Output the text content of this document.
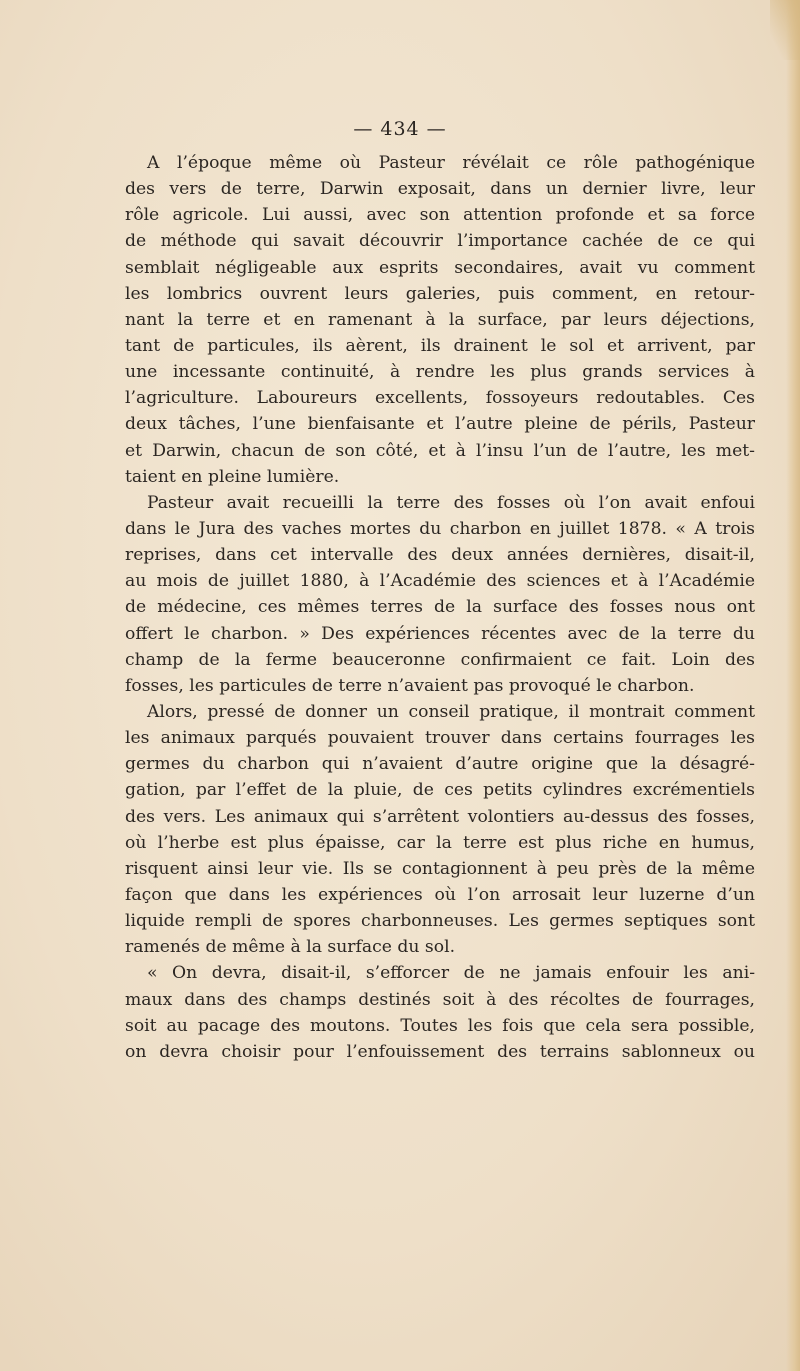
— 434 —
A l’époque même où Pasteur révélait ce rôle pathogénique
des vers de terre, Darwin exposait, dans un dernier livre, leur
rôle agricole. Lui aussi, avec son attention profonde et sa force
de méthode qui savait découvrir l’importance cachée de ce qui
semblait négligeable aux esprits secondaires, avait vu comment
les lombrics ouvrent leurs galeries, puis comment, en retour-
nant la terre et en ramenant à la surface, par leurs déjections,
tant de particules, ils aèrent, ils drainent le sol et arrivent, par
une incessante continuité, à rendre les plus grands services à
l’agriculture. Laboureurs excellents, fossoyeurs redoutables. Ces
deux tâches, l’une bienfaisante et l’autre pleine de périls, Pasteur
et Darwin, chacun de son côté, et à l’insu l’un de l’autre, les met-
taient en pleine lumière.
Pasteur avait recueilli la terre des fosses où l’on avait enfoui
dans le Jura des vaches mortes du charbon en juillet 1878. « A trois
reprises, dans cet intervalle des deux années dernières, disait-il,
au mois de juillet 1880, à l’Académie des sciences et à l’Académie
de médecine, ces mêmes terres de la surface des fosses nous ont
offert le charbon. » Des expériences récentes avec de la terre du
champ de la ferme beauceronne confirmaient ce fait. Loin des
fosses, les particules de terre n’avaient pas provoqué le charbon.
Alors, pressé de donner un conseil pratique, il montrait comment
les animaux parqués pouvaient trouver dans certains fourrages les
germes du charbon qui n’avaient d’autre origine que la désagré-
gation, par l’effet de la pluie, de ces petits cylindres excrémentiels
des vers. Les animaux qui s’arrêtent volontiers au-dessus des fosses,
où l’herbe est plus épaisse, car la terre est plus riche en humus,
risquent ainsi leur vie. Ils se contagionnent à peu près de la même
façon que dans les expériences où l’on arrosait leur luzerne d’un
liquide rempli de spores charbonneuses. Les germes septiques sont
ramenés de même à la surface du sol.
« On devra, disait-il, s’efforcer de ne jamais enfouir les ani-
maux dans des champs destinés soit à des récoltes de fourrages,
soit au pacage des moutons. Toutes les fois que cela sera possible,
on devra choisir pour l’enfouissement des terrains sablonneux ou
